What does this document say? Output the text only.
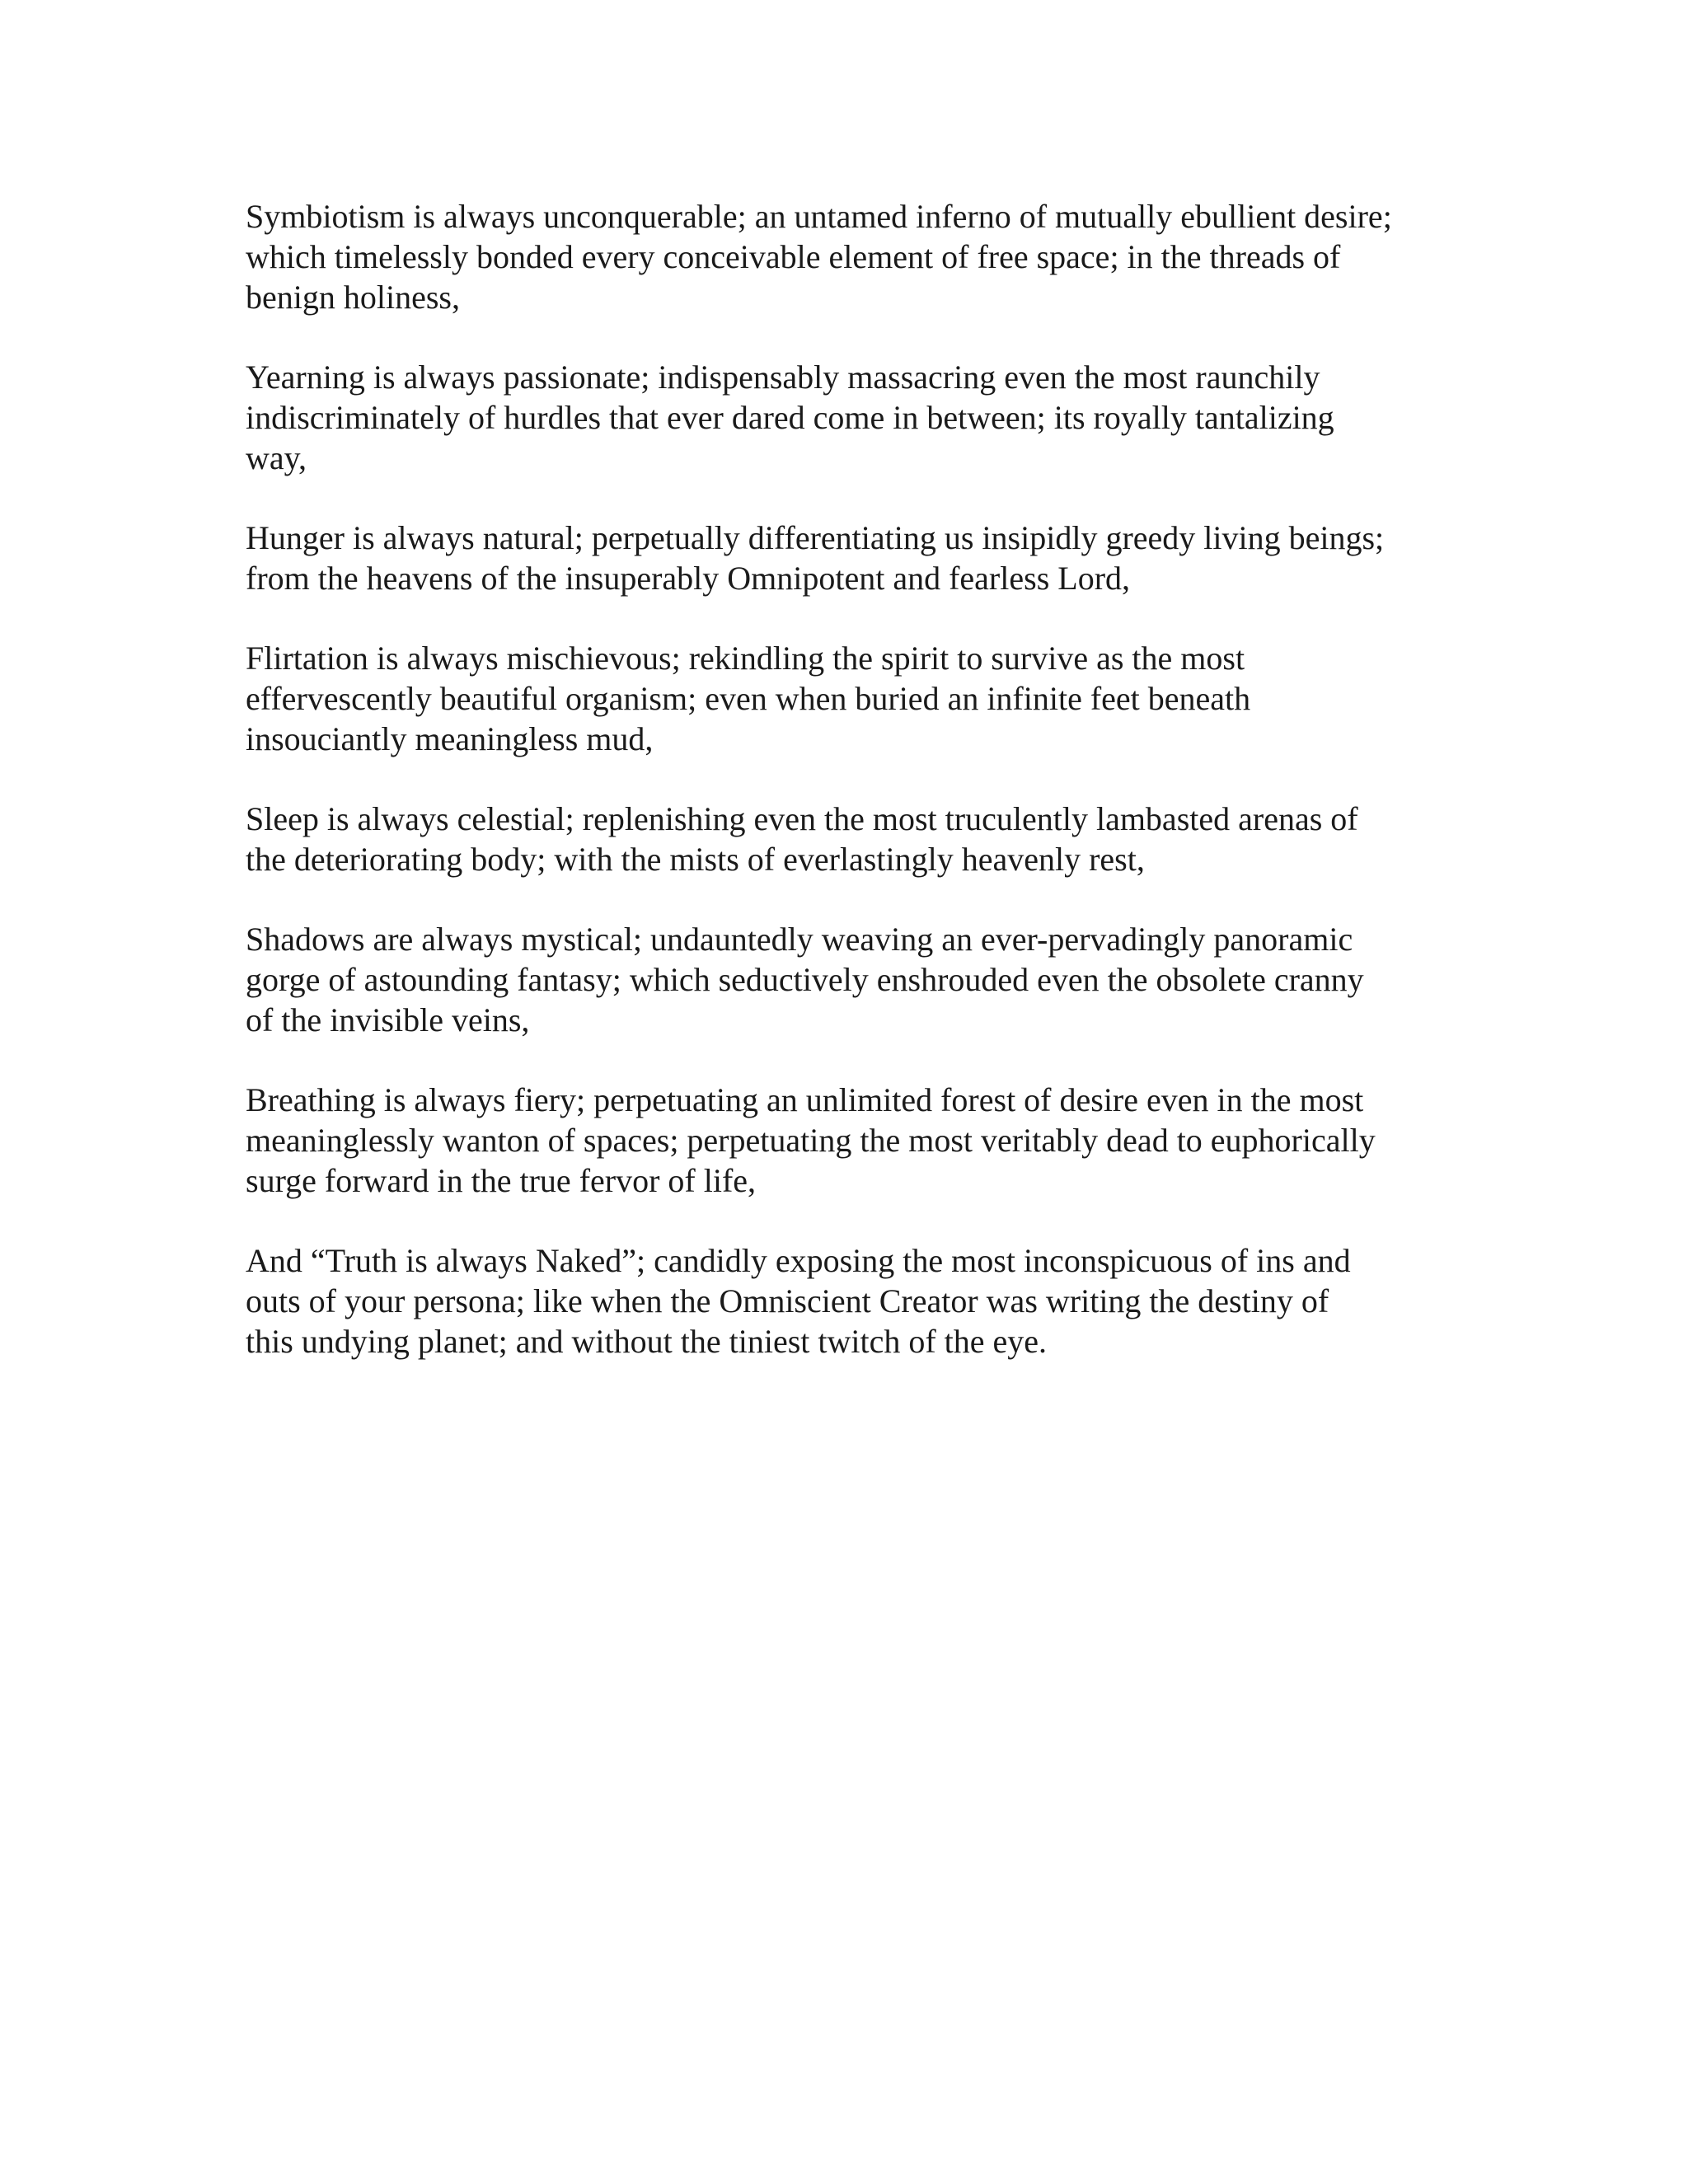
Symbiotism is always unconquerable; an untamed inferno of mutually ebullient desire;
which timelessly bonded every conceivable element of free space; in the threads of
benign holiness,

Yearning is always passionate; indispensably massacring even the most raunchily
indiscriminately of hurdles that ever dared come in between; its royally tantalizing
way,

Hunger is always natural; perpetually differentiating us insipidly greedy living beings;
from the heavens of the insuperably Omnipotent and fearless Lord,

Flirtation is always mischievous; rekindling the spirit to survive as the most
effervescently beautiful organism; even when buried an infinite feet beneath
insouciantly meaningless mud,

Sleep is always celestial; replenishing even the most truculently lambasted arenas of
the deteriorating body; with the mists of everlastingly heavenly rest,

Shadows are always mystical; undauntedly weaving an ever-pervadingly panoramic
gorge of astounding fantasy; which seductively enshrouded even the obsolete cranny
of the invisible veins,

Breathing is always fiery; perpetuating an unlimited forest of desire even in the most
meaninglessly wanton of spaces; perpetuating the most veritably dead to euphorically
surge forward in the true fervor of life,

And “Truth is always Naked”; candidly exposing the most inconspicuous of ins and
outs of your persona; like when the Omniscient Creator was writing the destiny of
this undying planet; and without the tiniest twitch of the eye.
